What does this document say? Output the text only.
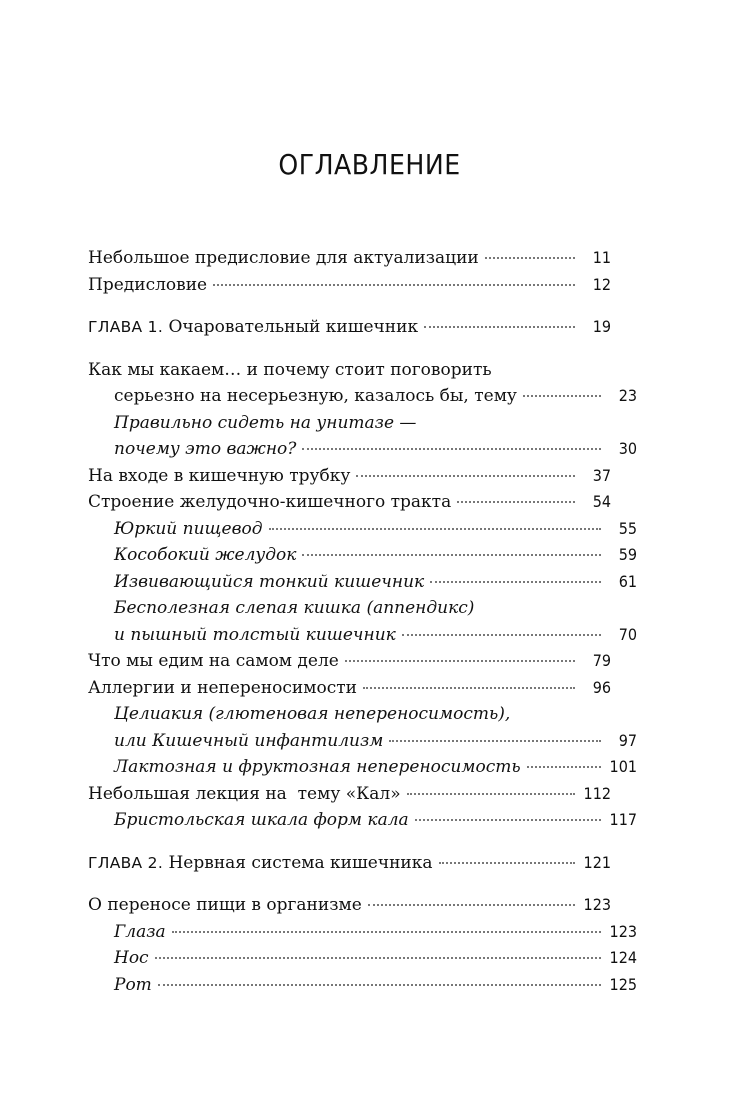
ОГЛАВЛЕНИЕ
Небольшое предисловие для актуализации	11
Предисловие	12
ГЛАВА 1. Очаровательный кишечник	19
Как мы какаем… и почему стоит поговорить
серьезно на несерьезную, казалось бы, тему	23
Правильно сидеть на унитазе —
почему это важно?	30
На входе в кишечную трубку	37
Строение желудочно-кишечного тракта	54
Юркий пищевод	55
Кособокий желудок	59
Извивающийся тонкий кишечник	61
Бесполезная слепая кишка (аппендикс)
и пышный толстый кишечник	70
Что мы едим на самом деле	79
Аллергии и непереносимости	96
Целиакия (глютеновая непереносимость),
или Кишечный инфантилизм	97
Лактозная и фруктозная непереносимость	101
Небольшая лекция на  тему «Кал»	112
Бристольская шкала форм кала	117
ГЛАВА 2. Нервная система кишечника	121
О переносе пищи в организме	123
Глаза	123
Нос	124
Рот	125
